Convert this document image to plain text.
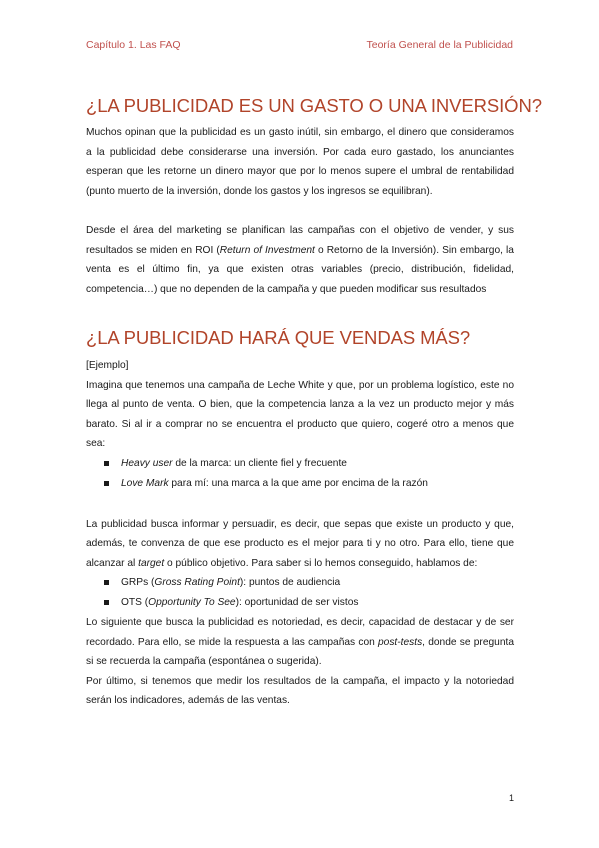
Capítulo 1. Las FAQ	Teoría General de la Publicidad
¿LA PUBLICIDAD ES UN GASTO O UNA INVERSIÓN?

Muchos opinan que la publicidad es un gasto inútil, sin embargo, el dinero que consideramos a la publicidad debe considerarse una inversión. Por cada euro gastado, los anunciantes esperan que les retorne un dinero mayor que por lo menos supere el umbral de rentabilidad (punto muerto de la inversión, donde los gastos y los ingresos se equilibran).

Desde el área del marketing se planifican las campañas con el objetivo de vender, y sus resultados se miden en ROI (Return of Investment o Retorno de la Inversión). Sin embargo, la venta es el último fin, ya que existen otras variables (precio, distribución, fidelidad, competencia…) que no dependen de la campaña y que pueden modificar sus resultados

¿LA PUBLICIDAD HARÁ QUE VENDAS MÁS?

[Ejemplo]

Imagina que tenemos una campaña de Leche White y que, por un problema logístico, este no llega al punto de venta. O bien, que la competencia lanza a la vez un producto mejor y más barato. Si al ir a comprar no se encuentra el producto que quiero, cogeré otro a menos que sea:

Heavy user de la marca: un cliente fiel y frecuente
Love Mark para mí: una marca a la que ame por encima de la razón

La publicidad busca informar y persuadir, es decir, que sepas que existe un producto y que, además, te convenza de que ese producto es el mejor para ti y no otro. Para ello, tiene que alcanzar al target o público objetivo. Para saber si lo hemos conseguido, hablamos de:

GRPs (Gross Rating Point): puntos de audiencia
OTS (Opportunity To See): oportunidad de ser vistos

Lo siguiente que busca la publicidad es notoriedad, es decir, capacidad de destacar y de ser recordado. Para ello, se mide la respuesta a las campañas con post-tests, donde se pregunta si se recuerda la campaña (espontánea o sugerida).

Por último, si tenemos que medir los resultados de la campaña, el impacto y la notoriedad serán los indicadores, además de las ventas.

1
